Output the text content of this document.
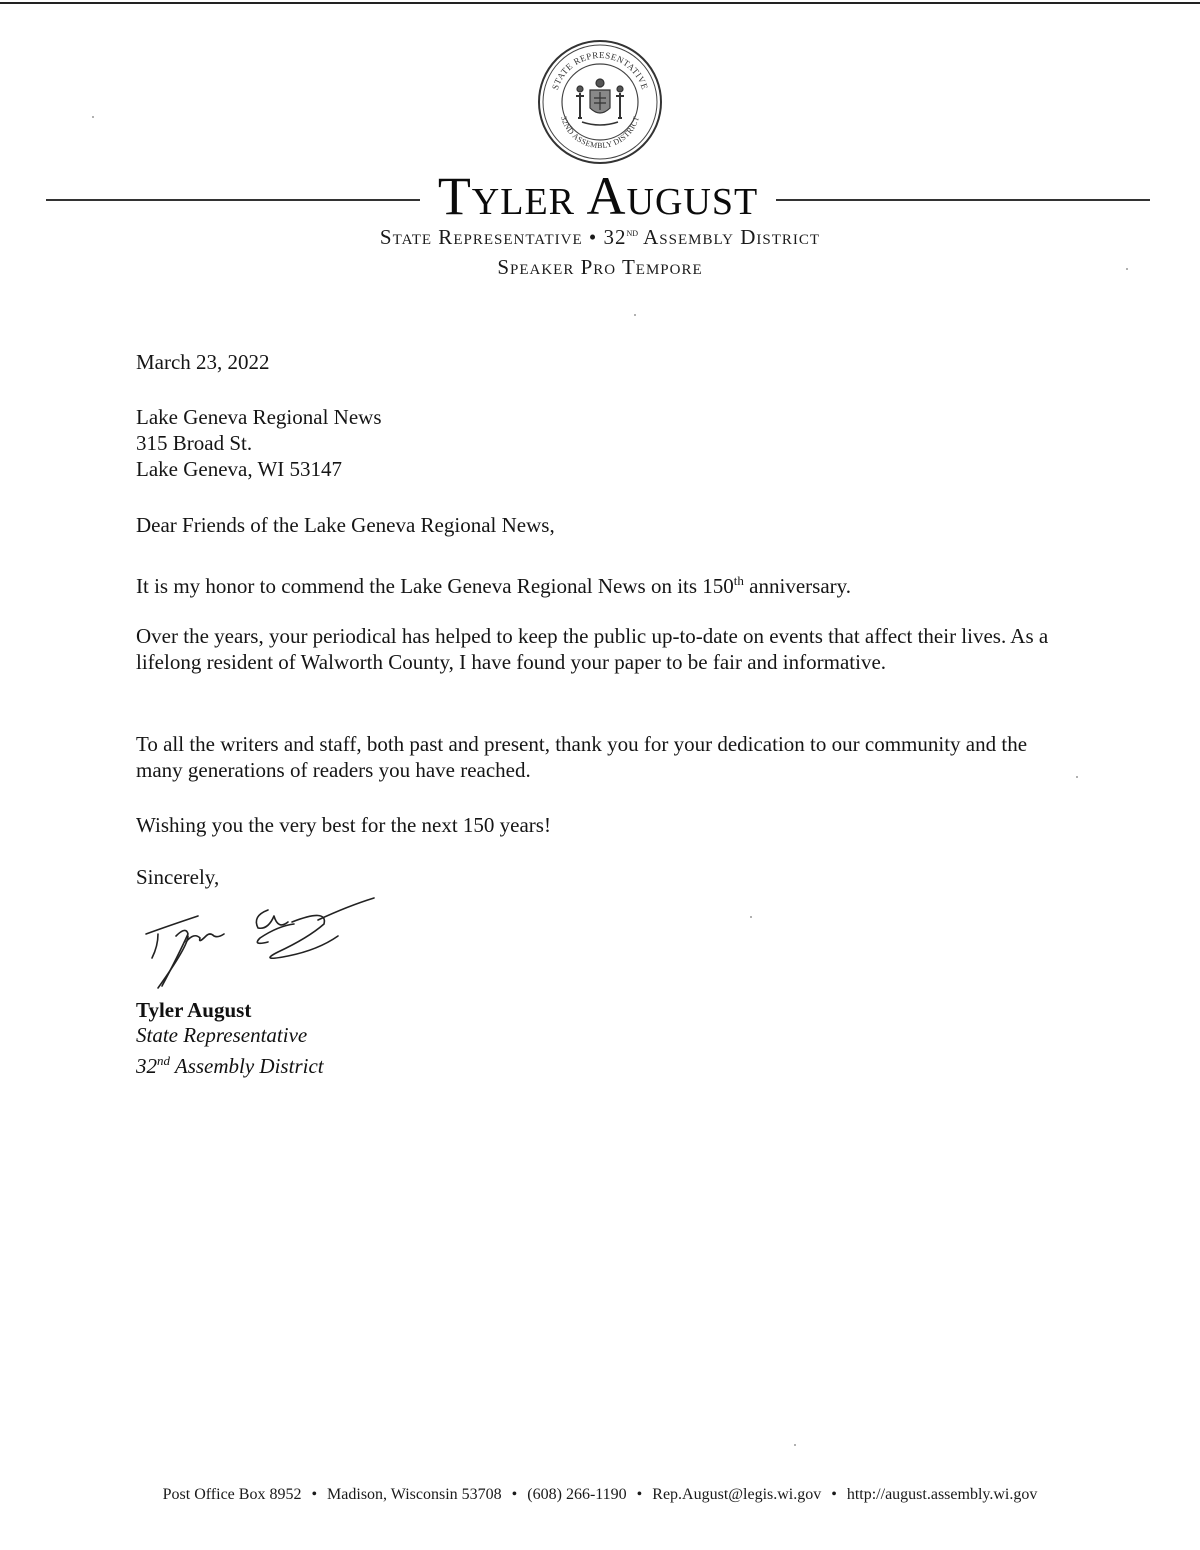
STATE REPRESENTATIVE
32ND ASSEMBLY DISTRICT
Tyler August
State Representative • 32nd Assembly District
Speaker Pro Tempore
March 23, 2022
Lake Geneva Regional News
315 Broad St.
Lake Geneva, WI 53147
Dear Friends of the Lake Geneva Regional News,
It is my honor to commend the Lake Geneva Regional News on its 150th anniversary.
Over the years, your periodical has helped to keep the public up-to-date on events that affect their lives. As a lifelong resident of Walworth County, I have found your paper to be fair and informative.
To all the writers and staff, both past and present, thank you for your dedication to our community and the many generations of readers you have reached.
Wishing you the very best for the next 150 years!
Sincerely,
Tyler August
State Representative
32nd Assembly District
Post Office Box 8952 • Madison, Wisconsin 53708 • (608) 266-1190 • Rep.August@legis.wi.gov • http://august.assembly.wi.gov
